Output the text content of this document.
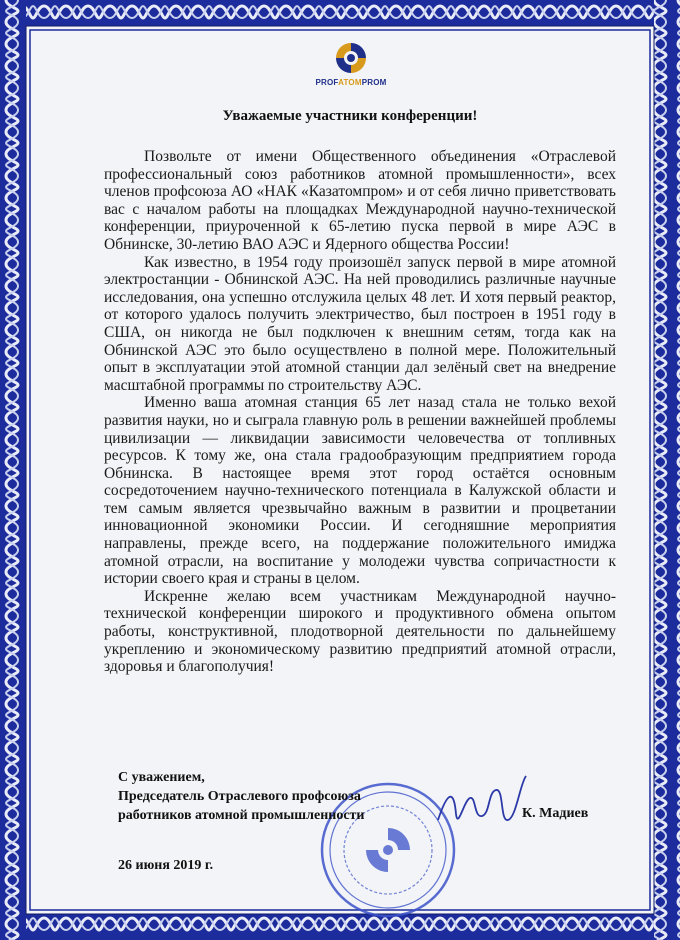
PROFATOMPROM
Уважаемые участники конференции!

Позвольте от имени Общественного объединения «Отраслевой профессиональный союз работников атомной промышленности», всех членов профсоюза АО «НАК «Казатомпром» и от себя лично приветствовать вас с началом работы на площадках Международной научно-технической конференции, приуроченной к 65-летию пуска первой в мире АЭС в Обнинске, 30-летию ВАО АЭС и Ядерного общества России!

Как известно, в 1954 году произошёл запуск первой в мире атомной электростанции - Обнинской АЭС. На ней проводились различные научные исследования, она успешно отслужила целых 48 лет. И хотя первый реактор, от которого удалось получить электричество, был построен в 1951 году в США, он никогда не был подключен к внешним сетям, тогда как на Обнинской АЭС это было осуществлено в полной мере. Положительный опыт в эксплуатации этой атомной станции дал зелёный свет на внедрение масштабной программы по строительству АЭС.

Именно ваша атомная станция 65 лет назад стала не только вехой развития науки, но и сыграла главную роль в решении важнейшей проблемы цивилизации — ликвидации зависимости человечества от топливных ресурсов. К тому же, она стала градообразующим предприятием города Обнинска. В настоящее время этот город остаётся основным сосредоточением научно-технического потенциала в Калужской области и тем самым является чрезвычайно важным в развитии и процветании инновационной экономики России. И сегодняшние мероприятия направлены, прежде всего, на поддержание положительного имиджа атомной отрасли, на воспитание у молодежи чувства сопричастности к истории своего края и страны в целом.

Искренне желаю всем участникам Международной научно-технической конференции широкого и продуктивного обмена опытом работы, конструктивной, плодотворной деятельности по дальнейшему укреплению и экономическому развитию предприятий атомной отрасли, здоровья и благополучия!

С уважением,
Председатель Отраслевого профсоюза
работников атомной промышленности	К. Мадиев
26 июня 2019 г.
